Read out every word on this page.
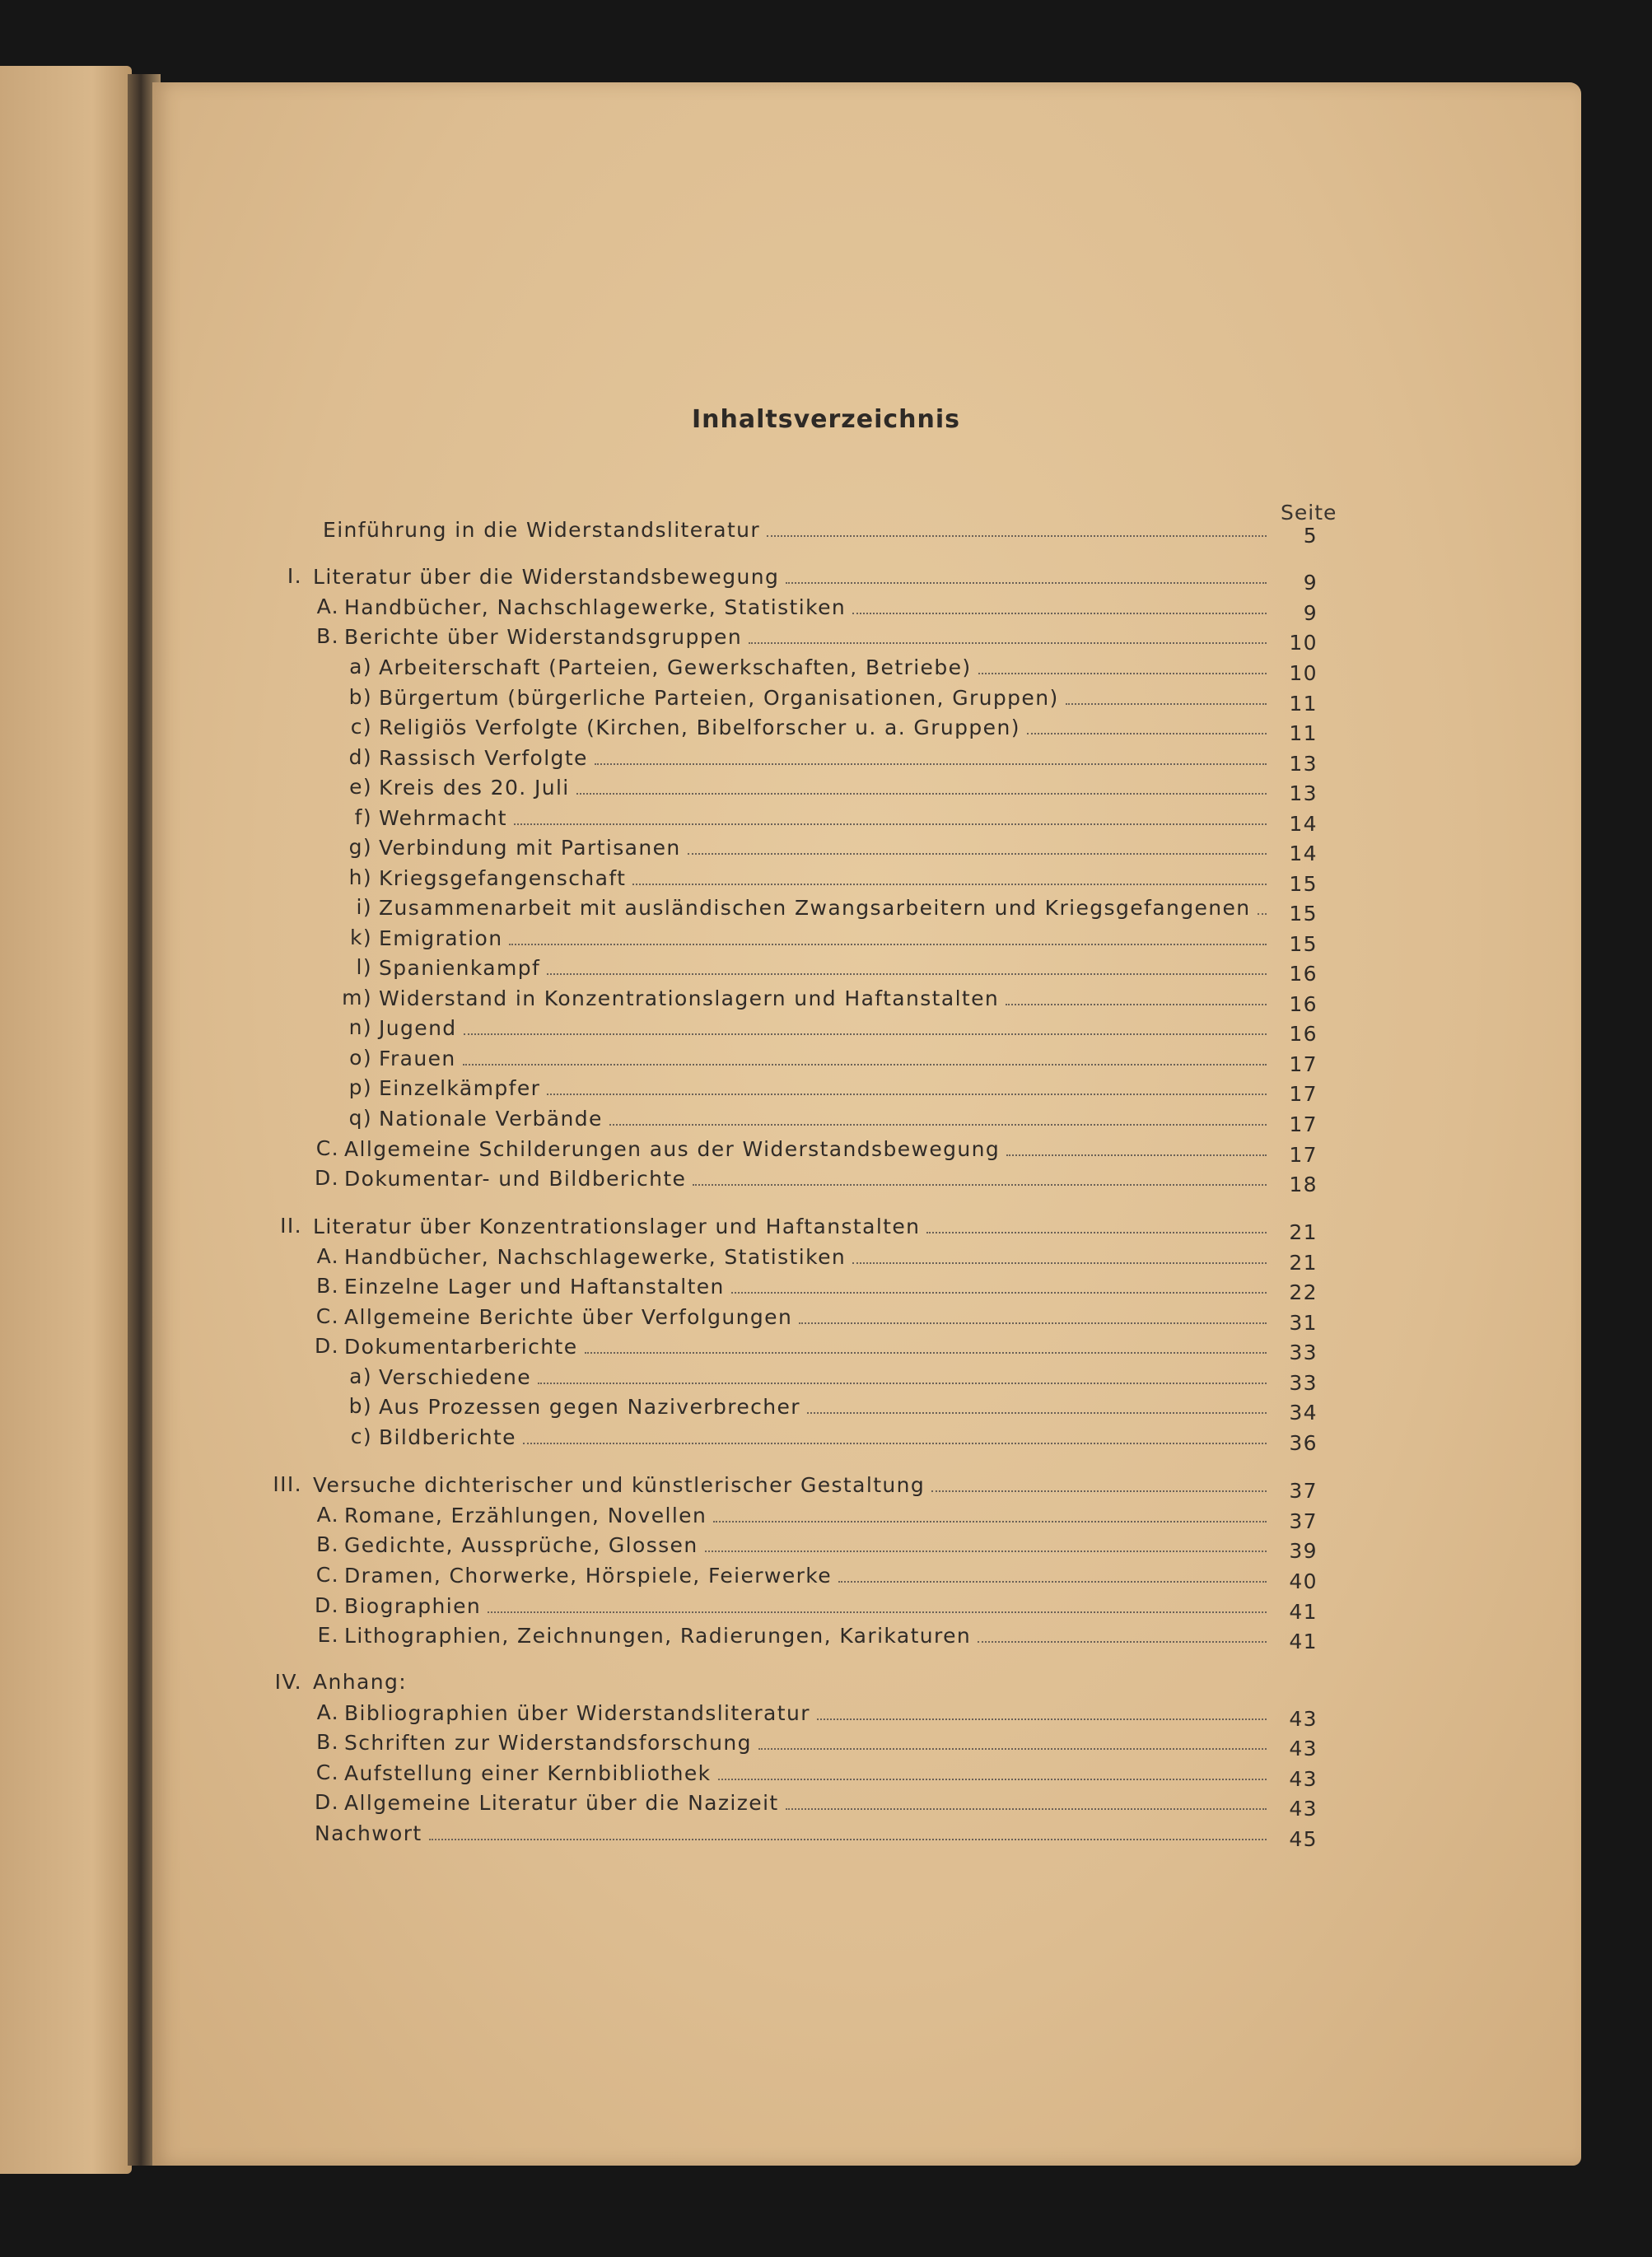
Inhaltsverzeichnis
Seite
Einführung in die Widerstandsliteratur	5
I. Literatur über die Widerstandsbewegung	9
A. Handbücher, Nachschlagewerke, Statistiken	9
B. Berichte über Widerstandsgruppen	10
a) Arbeiterschaft (Parteien, Gewerkschaften, Betriebe)	10
b) Bürgertum (bürgerliche Parteien, Organisationen, Gruppen)	11
c) Religiös Verfolgte (Kirchen, Bibelforscher u. a. Gruppen)	11
d) Rassisch Verfolgte	13
e) Kreis des 20. Juli	13
f) Wehrmacht	14
g) Verbindung mit Partisanen	14
h) Kriegsgefangenschaft	15
i) Zusammenarbeit mit ausländischen Zwangsarbeitern und Kriegsgefangenen	15
k) Emigration	15
l) Spanienkampf	16
m) Widerstand in Konzentrationslagern und Haftanstalten	16
n) Jugend	16
o) Frauen	17
p) Einzelkämpfer	17
q) Nationale Verbände	17
C. Allgemeine Schilderungen aus der Widerstandsbewegung	17
D. Dokumentar- und Bildberichte	18
II. Literatur über Konzentrationslager und Haftanstalten	21
A. Handbücher, Nachschlagewerke, Statistiken	21
B. Einzelne Lager und Haftanstalten	22
C. Allgemeine Berichte über Verfolgungen	31
D. Dokumentarberichte	33
a) Verschiedene	33
b) Aus Prozessen gegen Naziverbrecher	34
c) Bildberichte	36
III. Versuche dichterischer und künstlerischer Gestaltung	37
A. Romane, Erzählungen, Novellen	37
B. Gedichte, Aussprüche, Glossen	39
C. Dramen, Chorwerke, Hörspiele, Feierwerke	40
D. Biographien	41
E. Lithographien, Zeichnungen, Radierungen, Karikaturen	41
IV. Anhang:
A. Bibliographien über Widerstandsliteratur	43
B. Schriften zur Widerstandsforschung	43
C. Aufstellung einer Kernbibliothek	43
D. Allgemeine Literatur über die Nazizeit	43
Nachwort	45
